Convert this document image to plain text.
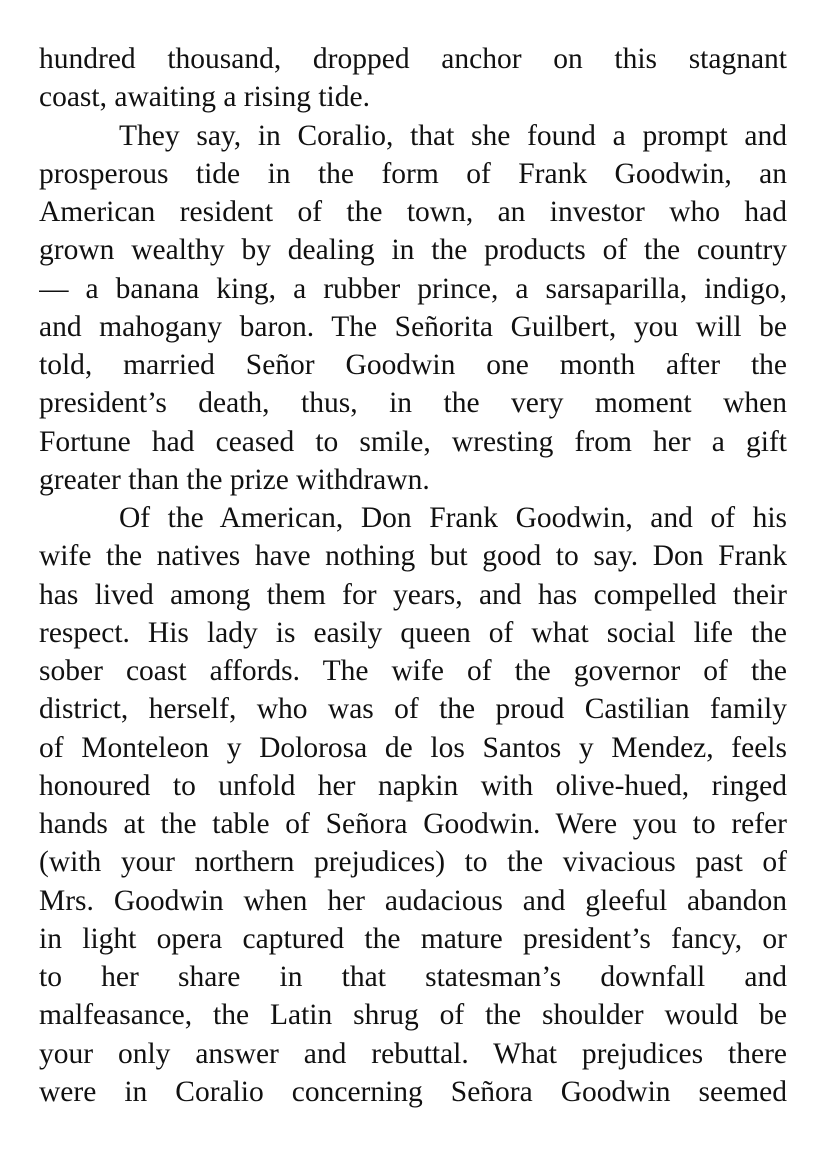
hundred thousand, dropped anchor on this stagnant
coast, awaiting a rising tide.
They say, in Coralio, that she found a prompt and
prosperous tide in the form of Frank Goodwin, an
American resident of the town, an investor who had
grown wealthy by dealing in the products of the country
— a banana king, a rubber prince, a sarsaparilla, indigo,
and mahogany baron. The Señorita Guilbert, you will be
told, married Señor Goodwin one month after the
president’s death, thus, in the very moment when
Fortune had ceased to smile, wresting from her a gift
greater than the prize withdrawn.
Of the American, Don Frank Goodwin, and of his
wife the natives have nothing but good to say. Don Frank
has lived among them for years, and has compelled their
respect. His lady is easily queen of what social life the
sober coast affords. The wife of the governor of the
district, herself, who was of the proud Castilian family
of Monteleon y Dolorosa de los Santos y Mendez, feels
honoured to unfold her napkin with olive-hued, ringed
hands at the table of Señora Goodwin. Were you to refer
(with your northern prejudices) to the vivacious past of
Mrs. Goodwin when her audacious and gleeful abandon
in light opera captured the mature president’s fancy, or
to her share in that statesman’s downfall and
malfeasance, the Latin shrug of the shoulder would be
your only answer and rebuttal. What prejudices there
were in Coralio concerning Señora Goodwin seemed
